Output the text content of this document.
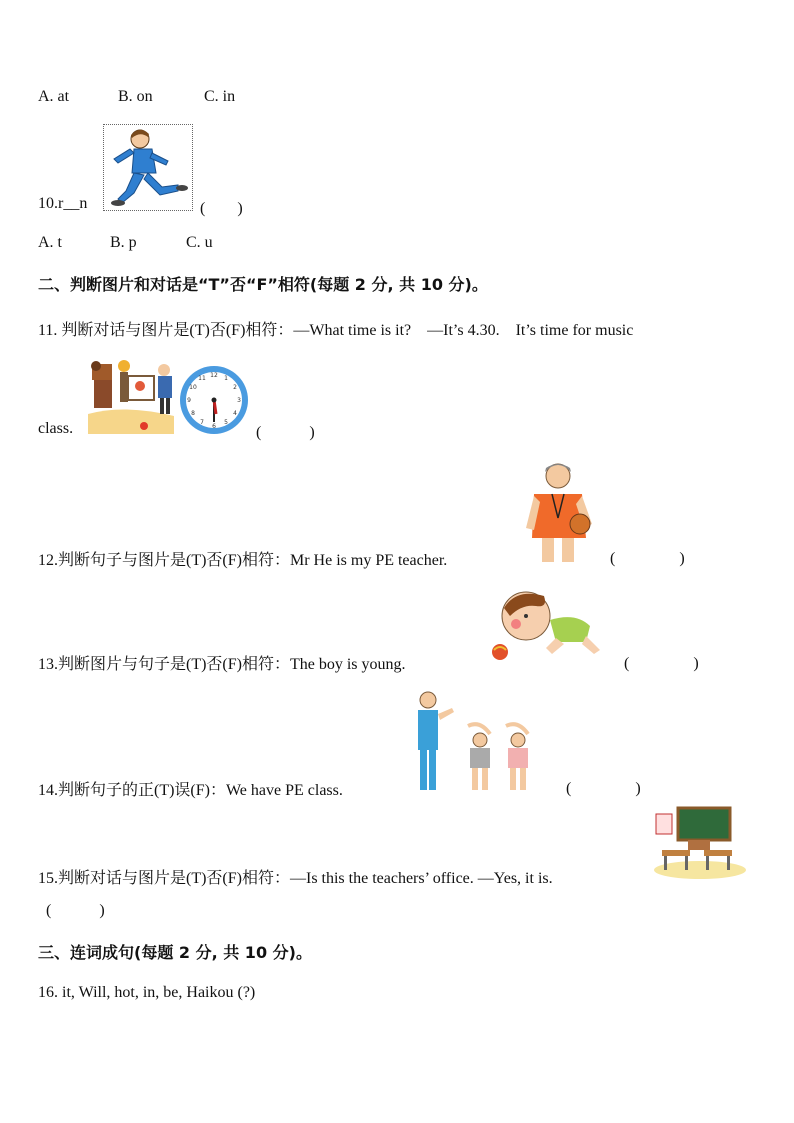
A. at	B. on	C. in
10.r__n	(　　)
A. t	B. p	C. u
二、判断图片和对话是“T”否“F”相符(每题 2 分, 共 10 分)。
11. 判断对话与图片是(T)否(F)相符：—What time is it?　—It’s 4.30.　It’s time for music
12 1
2
3
4
5
6
7
8
9
10
11
class.	(　　　)
12.判断句子与图片是(T)否(F)相符：Mr He is my PE teacher.	(　　　　)
13.判断图片与句子是(T)否(F)相符：The boy is young.	(　　　　)
14.判断句子的正(T)误(F)：We have PE class.	(　　　　)
15.判断对话与图片是(T)否(F)相符：—Is this the teachers’ office. —Yes, it is.
(　　　)
三、连词成句(每题 2 分, 共 10 分)。
16. it, Will, hot, in, be, Haikou (?)
